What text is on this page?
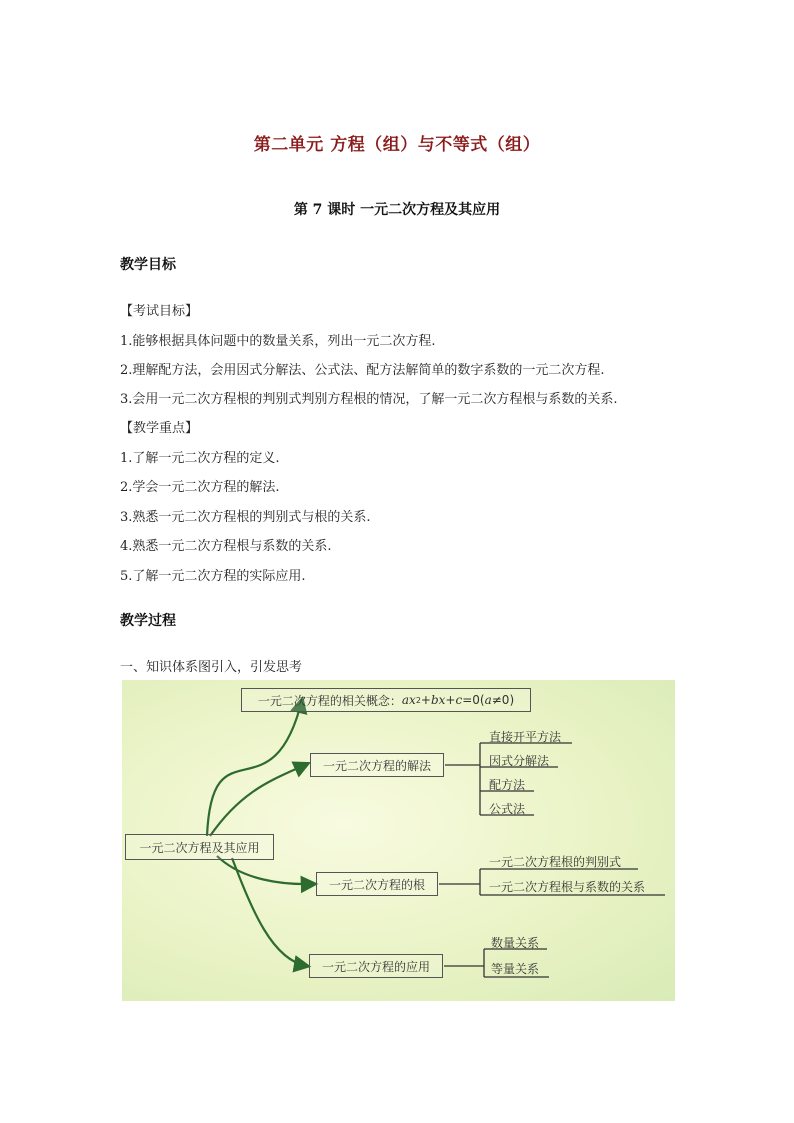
第二单元 方程（组）与不等式（组）
第 7 课时 一元二次方程及其应用
教学目标
【考试目标】
1.能够根据具体问题中的数量关系，列出一元二次方程.
2.理解配方法，会用因式分解法、公式法、配方法解简单的数字系数的一元二次方程.
3.会用一元二次方程根的判别式判别方程根的情况，了解一元二次方程根与系数的关系.
【教学重点】
1.了解一元二次方程的定义.
2.学会一元二次方程的解法.
3.熟悉一元二次方程根的判别式与根的关系.
4.熟悉一元二次方程根与系数的关系.
5.了解一元二次方程的实际应用.
教学过程
一、知识体系图引入，引发思考
一元二次方程的相关概念： ax 2 + bx + c =0( a ≠0)
一元二次方程的解法
直接开平方法
因式分解法
配方法
公式法
一元二次方程及其应用
一元二次方程的根
一元二次方程根的判别式
一元二次方程根与系数的关系
一元二次方程的应用
数量关系
等量关系
